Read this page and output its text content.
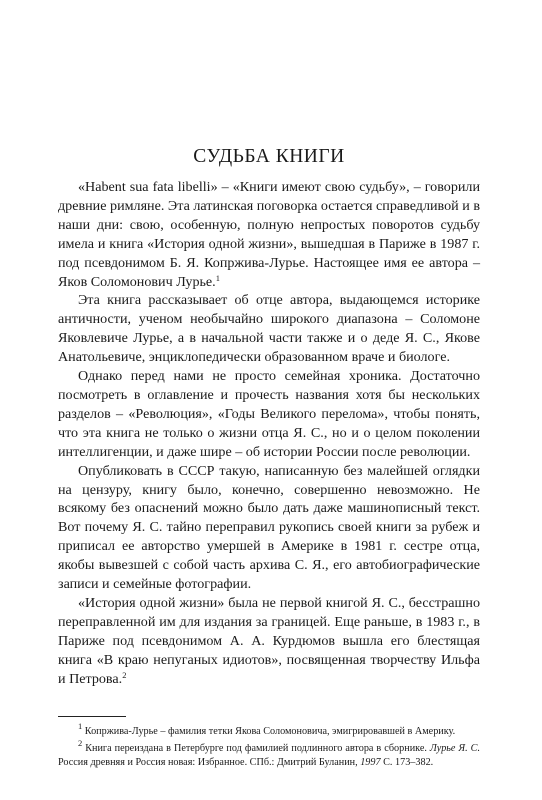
СУДЬБА КНИГИ

«Habent sua fata libelli» – «Книги имеют свою судьбу», – говорили древние римляне. Эта латинская поговорка остается справедливой и в наши дни: свою, особенную, полную непростых поворотов судьбу имела и книга «История одной жизни», вышедшая в Париже в 1987 г. под псевдонимом Б. Я. Копржива-Лурье. Настоящее имя ее автора – Яков Соломонович Лурье.$^1$

Эта книга рассказывает об отце автора, выдающемся историке античности, ученом необычайно широкого диапазона – Соломоне Яковлевиче Лурье, а в начальной части также и о деде Я. С., Якове Анатольевиче, энциклопедически образованном враче и биологе.

Однако перед нами не просто семейная хроника. Достаточно посмотреть в оглавление и прочесть названия хотя бы нескольких разделов – «Революция», «Годы Великого перелома», чтобы понять, что эта книга не только о жизни отца Я. С., но и о целом поколении интеллигенции, и даже шире – об истории России после революции.

Опубликовать в СССР такую, написанную без малейшей оглядки на цензуру, книгу было, конечно, совершенно невозможно. Не всякому без опаснений можно было дать даже машинописный текст. Вот почему Я. С. тайно переправил рукопись своей книги за рубеж и приписал ее авторство умершей в Америке в 1981 г. сестре отца, якобы вывезшей с собой часть архива С. Я., его автобиографические записи и семейные фотографии.

«История одной жизни» была не первой книгой Я. С., бесстрашно переправленной им для издания за границей. Еще раньше, в 1983 г., в Париже под псевдонимом А. А. Курдюмов вышла его блестящая книга «В краю непуганых идиотов», посвященная творчеству Ильфа и Петрова.$^2$

$^1$ Копржива-Лурье – фамилия тетки Якова Соломоновича, эмигрировавшей в Америку.

$^2$ Книга переиздана в Петербурге под фамилией подлинного автора в сборнике. Лурье Я. С. Россия древняя и Россия новая: Избранное. СПб.: Дмитрий Буланин, 1997 С. 173–382.
